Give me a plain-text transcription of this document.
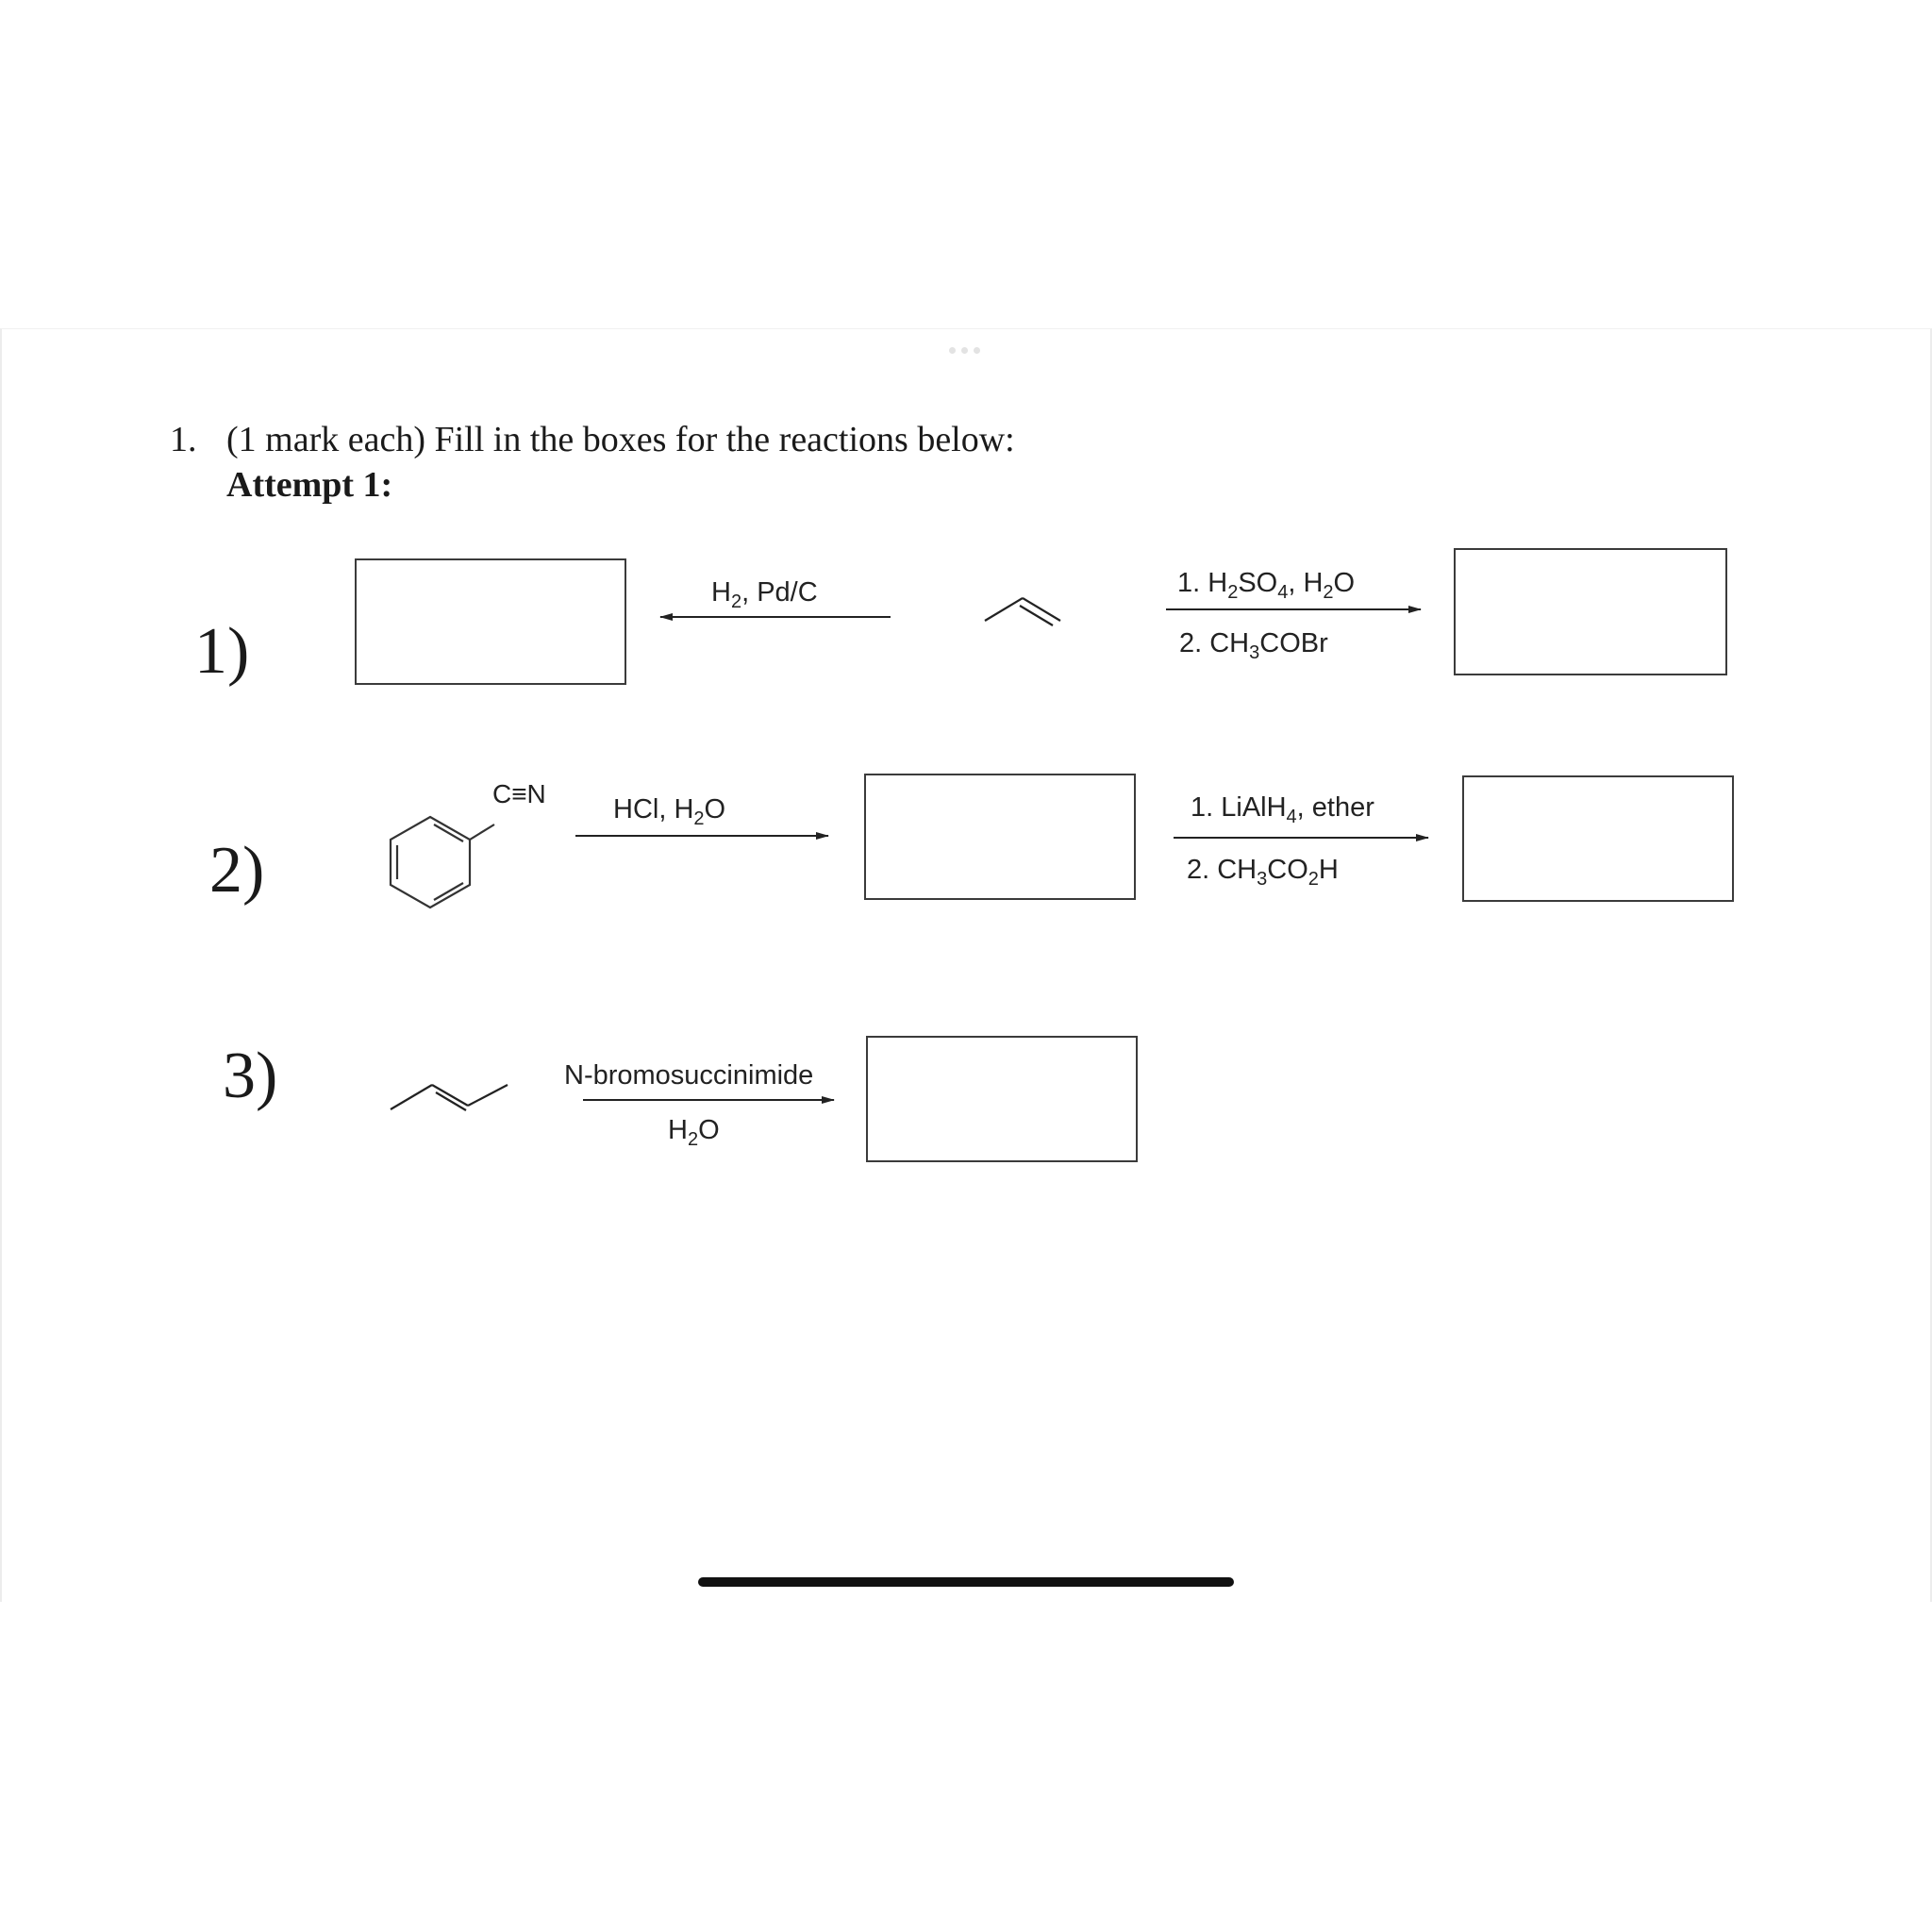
1. (1 mark each) Fill in the boxes for the reactions below:
Attempt 1:
1)
2)
3)
$H_2$, Pd/C	1. $H_2SO_4$, $H_2O$
2. $CH_3COBr$
C≡N
HCl, $H_2O$	1. LiAlH$_4$, ether
2. $CH_3CO_2H$
N-bromosuccinimide
$H_2O$
